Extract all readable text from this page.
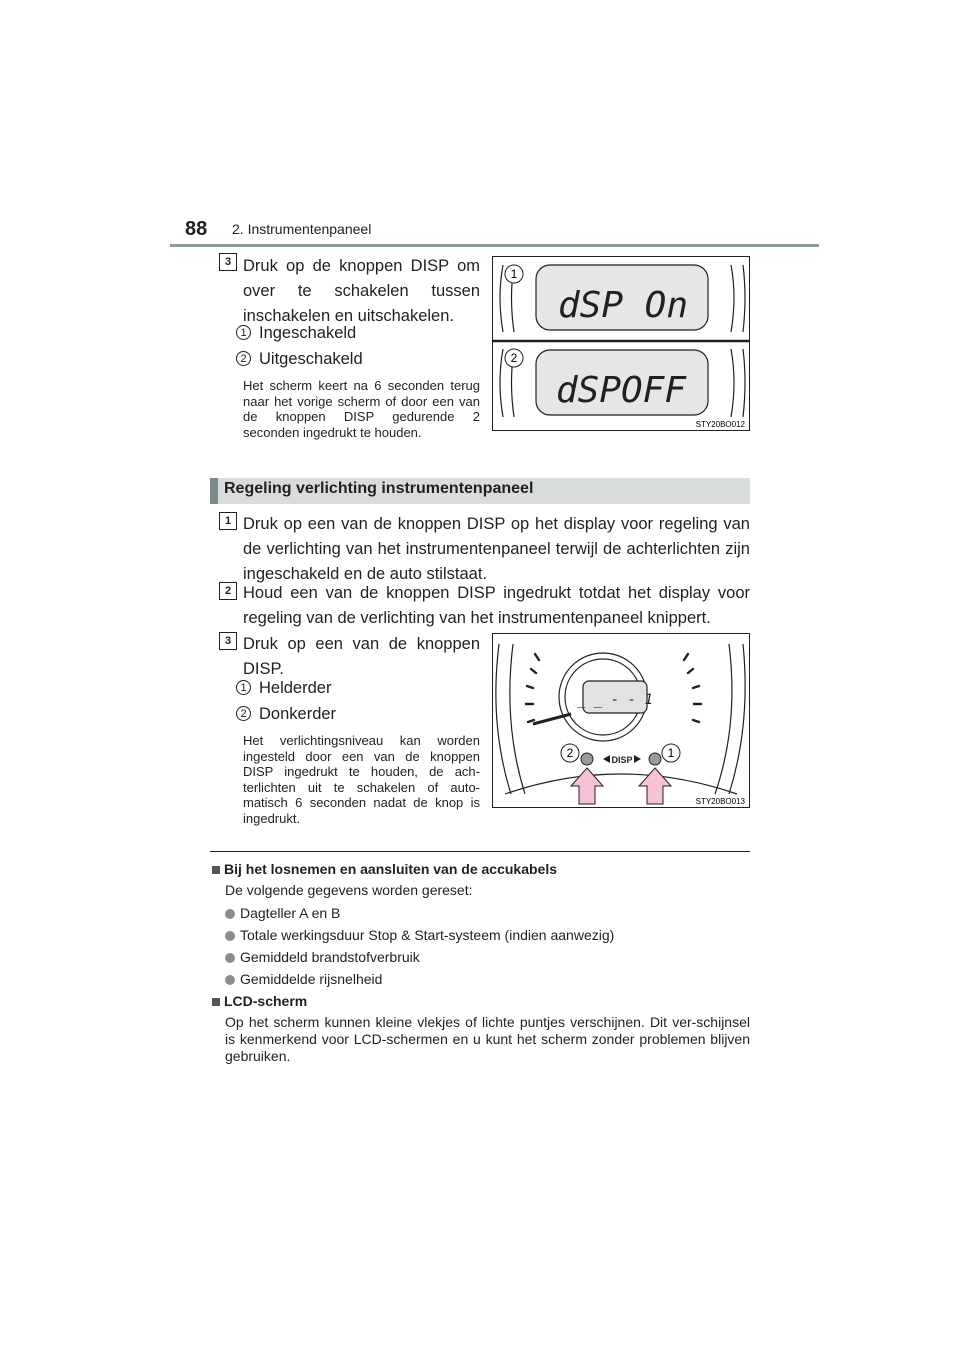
88 2. Instrumentenpaneel
3 Druk op de knoppen DISP om over te schakelen tussen inschakelen en uitschakelen.
1 Ingeschakeld
2 Uitgeschakeld
Het scherm keert na 6 seconden terug naar het vorige scherm of door een van de knoppen DISP gedurende 2 seconden ingedrukt te houden.
dSP On
dSPOFF
1
2
STY20BO012
Regeling verlichting instrumentenpaneel
1 Druk op een van de knoppen DISP op het display voor regeling van de verlichting van het instrumentenpaneel terwijl de achterlichten zijn ingeschakeld en de auto stilstaat.
2 Houd een van de knoppen DISP ingedrukt totdat het display voor regeling van de verlichting van het instrumentenpaneel knippert.
3 Druk op een van de knoppen DISP.
1 Helderder
2 Donkerder
Het verlichtingsniveau kan worden ingesteld door een van de knoppen DISP ingedrukt te houden, de ach-terlichten uit te schakelen of auto-matisch 6 seconden nadat de knop is ingedrukt.
_ _ - - 1
DISP
2	1
STY20BO013
Bij het losnemen en aansluiten van de accukabels
De volgende gegevens worden gereset:
Dagteller A en B
Totale werkingsduur Stop & Start-systeem (indien aanwezig)
Gemiddeld brandstofverbruik
Gemiddelde rijsnelheid
LCD-scherm
Op het scherm kunnen kleine vlekjes of lichte puntjes verschijnen. Dit ver-schijnsel is kenmerkend voor LCD-schermen en u kunt het scherm zonder problemen blijven gebruiken.
